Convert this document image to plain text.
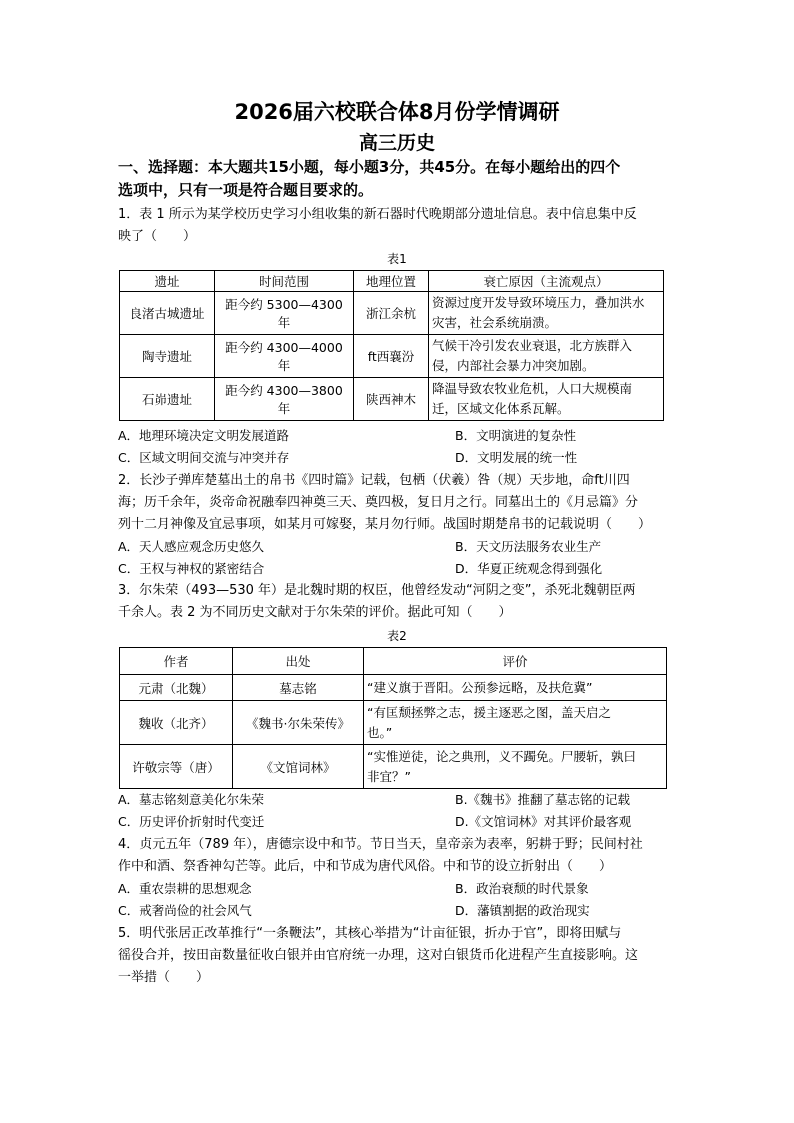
2026届六校联合体8月份学情调研
高三历史
一、选择题：本大题共15小题，每小题3分，共45分。在每小题给出的四个
选项中，只有一项是符合题目要求的。
1．表 1 所示为某学校历史学习小组收集的新石器时代晚期部分遗址信息。表中信息集中反
映了（　　）
表1
遗址	时间范围	地理位置	衰亡原因（主流观点）
良渚古城遗址	距今约 5300—4300 年	浙江余杭	资源过度开发导致环境压力，叠加洪水
灾害，社会系统崩溃。

陶寺遗址	距今约 4300—4000 年	ft西襄汾	气候干冷引发农业衰退，北方族群入
侵，内部社会暴力冲突加剧。

石峁遗址	距今约 4300—3800 年	陕西神木	降温导致农牧业危机，人口大规模南
迁，区域文化体系瓦解。
A．地理环境决定文明发展道路	B．文明演进的复杂性
C．区域文明间交流与冲突并存	D．文明发展的统一性
2．长沙子弹库楚墓出土的帛书《四时篇》记载，包栖（伏羲）咎（规）天步地，命ft川四
海；历千余年，炎帝命祝融奉四神奠三天、奠四极，复日月之行。同墓出土的《月忌篇》分
列十二月神像及宜忌事项，如某月可嫁娶，某月勿行师。战国时期楚帛书的记载说明（　　）
A．天人感应观念历史悠久	B．天文历法服务农业生产
C．王权与神权的紧密结合	D．华夏正统观念得到强化
3．尔朱荣（493—530 年）是北魏时期的权臣，他曾经发动“河阴之变”，杀死北魏朝臣两
千余人。表 2 为不同历史文献对于尔朱荣的评价。据此可知（　　）
表2
作者	出处	评价
元肃（北魏）	墓志铭	“建义旗于晋阳。公预参远略，及扶危冀”
魏收（北齐）	《魏书·尔朱荣传》	“有匡颓拯弊之志，援主逐恶之图，盖天启之
也。”

许敬宗等（唐）	《文馆词林》	“实惟逆徒，论之典刑，义不躅免。尸腰斩，孰曰
非宜？”
A．墓志铭刻意美化尔朱荣	B.《魏书》推翻了墓志铭的记载
C．历史评价折射时代变迁	D.《文馆词林》对其评价最客观
4．贞元五年（789 年），唐德宗设中和节。节日当天，皇帝亲为表率，躬耕于野；民间村社
作中和酒、祭香神勾芒等。此后，中和节成为唐代风俗。中和节的设立折射出（　　）
A．重农崇耕的思想观念	B．政治衰颓的时代景象
C．戒奢尚俭的社会风气	D．藩镇割据的政治现实
5．明代张居正改革推行“一条鞭法”，其核心举措为“计亩征银，折办于官”，即将田赋与
徭役合并，按田亩数量征收白银并由官府统一办理，这对白银货币化进程产生直接影响。这
一举措（　　）
